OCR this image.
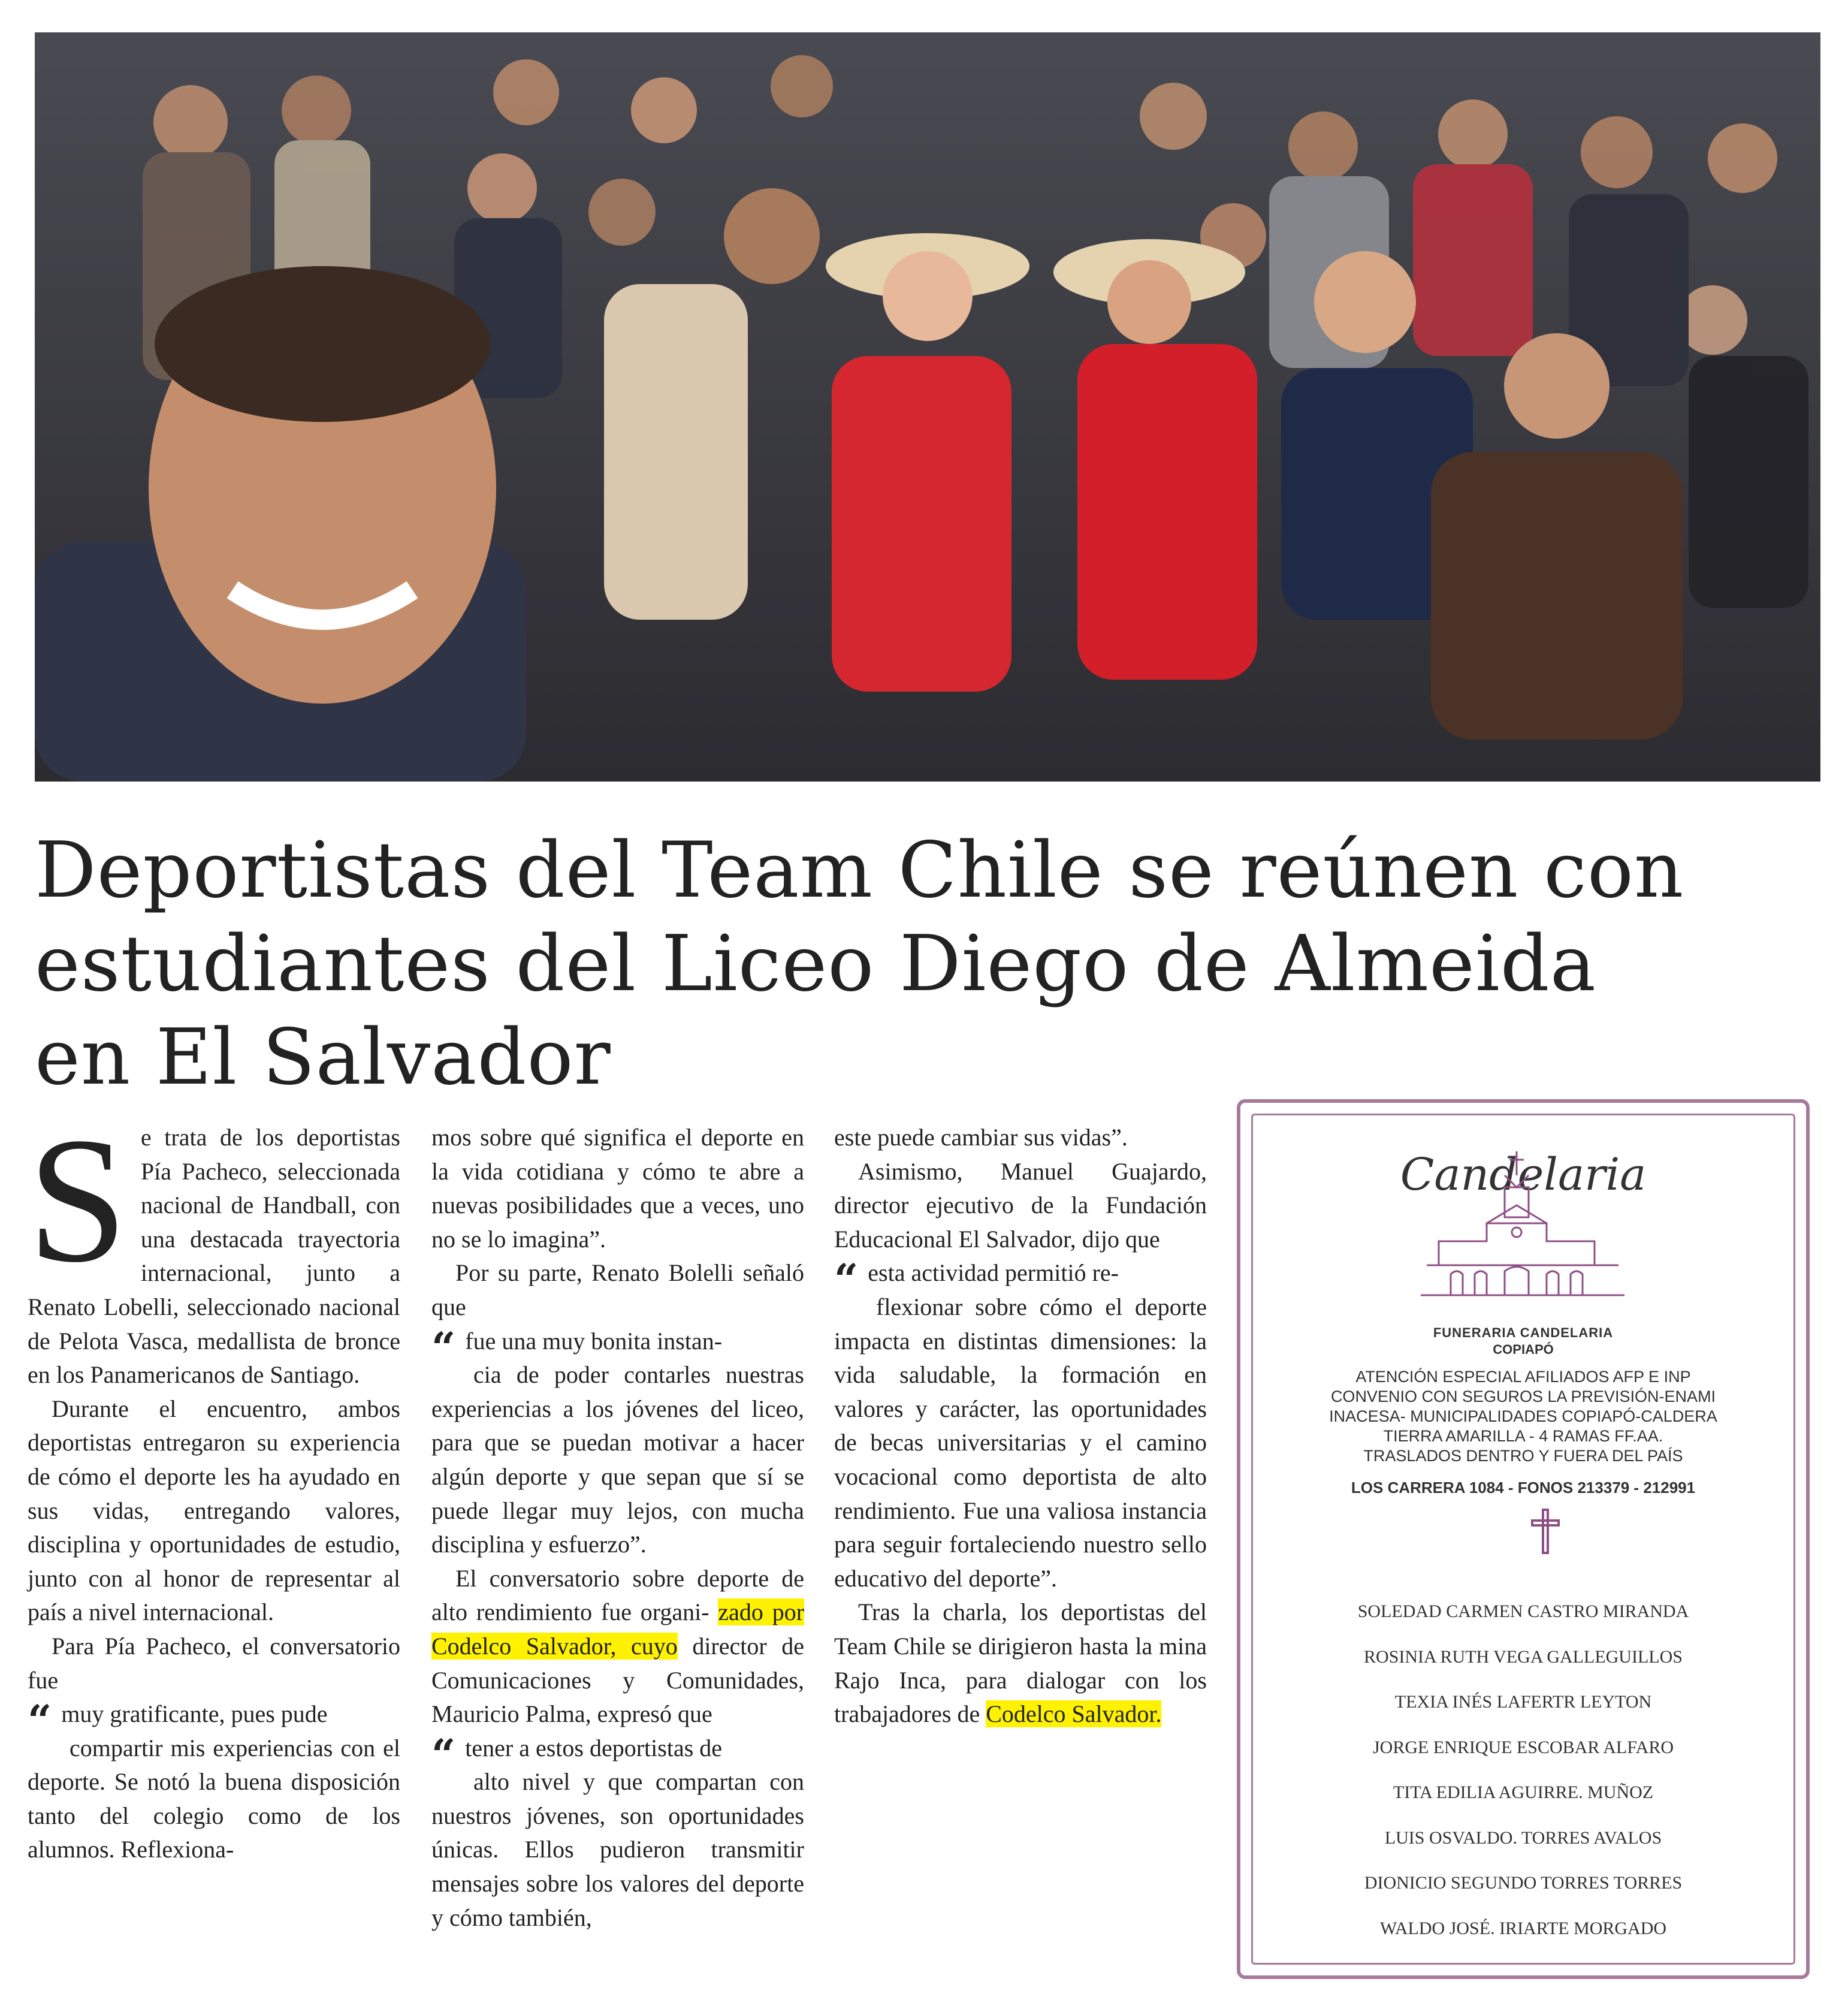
Deportistas del Team Chile se reúnen con estudiantes del Liceo Diego de Almeida en El Salvador

Se trata de los deportistas Pía Pacheco, seleccionada nacional de Handball, con una destacada trayectoria internacional, junto a Renato Lobelli, seleccionado nacional de Pelota Vasca, medallista de bronce en los Panamericanos de Santiago.

Durante el encuentro, ambos deportistas entregaron su experiencia de cómo el deporte les ha ayudado en sus vidas, entregando valores, disciplina y oportunidades de estudio, junto con al honor de representar al país a nivel internacional.

Para Pía Pacheco, el conversatorio fue

“ muy gratificante, pues pude
compartir mis experiencias con el deporte. Se notó la buena disposición tanto del colegio como de los alumnos. Reflexiona-

mos sobre qué significa el deporte en la vida cotidiana y cómo te abre a nuevas posibilidades que a veces, uno no se lo imagina”.

Por su parte, Renato Bolelli señaló que

“ fue una muy bonita instan-
cia de poder contarles nuestras experiencias a los jóvenes del liceo, para que se puedan motivar a hacer algún deporte y que sepan que sí se puede llegar muy lejos, con mucha disciplina y esfuerzo”.

El conversatorio sobre deporte de alto rendimiento fue organi- zado por Codelco Salvador, cuyo director de Comunicaciones y Comunidades, Mauricio Palma, expresó que

“ tener a estos deportistas de
alto nivel y que compartan con nuestros jóvenes, son oportunidades únicas. Ellos pudieron transmitir mensajes sobre los valores del deporte y cómo también,

este puede cambiar sus vidas”.

Asimismo, Manuel Guajardo, director ejecutivo de la Fundación Educacional El Salvador, dijo que

“ esta actividad permitió re-
flexionar sobre cómo el deporte impacta en distintas dimensiones: la vida saludable, la formación en valores y carácter, las oportunidades de becas universitarias y el camino vocacional como deportista de alto rendimiento. Fue una valiosa instancia para seguir fortaleciendo nuestro sello educativo del deporte”.

Tras la charla, los deportistas del Team Chile se dirigieron hasta la mina Rajo Inca, para dialogar con los trabajadores de Codelco Salvador.

Candelaria
FUNERARIA CANDELARIA
COPIAPÓ
ATENCIÓN ESPECIAL AFILIADOS AFP E INP
CONVENIO CON SEGUROS LA PREVISIÓN-ENAMI
INACESA- MUNICIPALIDADES COPIAPÓ-CALDERA
TIERRA AMARILLA - 4 RAMAS FF.AA.
TRASLADOS DENTRO Y FUERA DEL PAÍS
LOS CARRERA 1084 - FONOS 213379 - 212991
SOLEDAD CARMEN CASTRO MIRANDA
ROSINIA RUTH VEGA GALLEGUILLOS
TEXIA INÉS LAFERTR LEYTON
JORGE ENRIQUE ESCOBAR ALFARO
TITA EDILIA AGUIRRE. MUÑOZ
LUIS OSVALDO. TORRES AVALOS
DIONICIO SEGUNDO TORRES TORRES
WALDO JOSÉ. IRIARTE MORGADO
